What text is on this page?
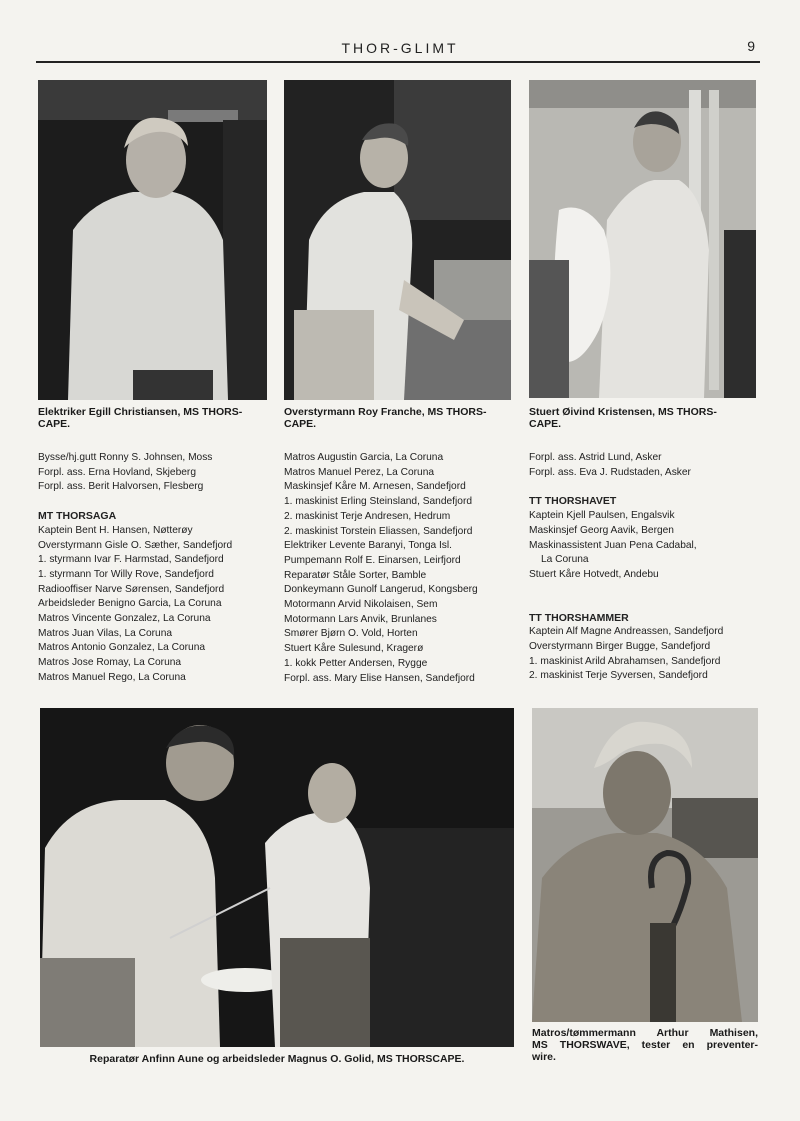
THOR-GLIMT	9
Elektriker Egill Christiansen, MS THORS-
CAPE.
Overstyrmann Roy Franche, MS THORS-
CAPE.
Stuert Øivind Kristensen, MS THORS-
CAPE.
Bysse/hj.gutt Ronny S. Johnsen, Moss
Forpl. ass. Erna Hovland, Skjeberg
Forpl. ass. Berit Halvorsen, Flesberg
MT THORSAGA
Kaptein Bent H. Hansen, Nøtterøy
Overstyrmann Gisle O. Sæther, Sandefjord
1. styrmann Ivar F. Harmstad, Sandefjord
1. styrmann Tor Willy Rove, Sandefjord
Radiooffiser Narve Sørensen, Sandefjord
Arbeidsleder Benigno Garcia, La Coruna
Matros Vincente Gonzalez, La Coruna
Matros Juan Vilas, La Coruna
Matros Antonio Gonzalez, La Coruna
Matros Jose Romay, La Coruna
Matros Manuel Rego, La Coruna
Matros Augustin Garcia, La Coruna
Matros Manuel Perez, La Coruna
Maskinsjef Kåre M. Arnesen, Sandefjord
1. maskinist Erling Steinsland, Sandefjord
2. maskinist Terje Andresen, Hedrum
2. maskinist Torstein Eliassen, Sandefjord
Elektriker Levente Baranyi, Tonga Isl.
Pumpemann Rolf E. Einarsen, Leirfjord
Reparatør Ståle Sorter, Bamble
Donkeymann Gunolf Langerud, Kongsberg
Motormann Arvid Nikolaisen, Sem
Motormann Lars Anvik, Brunlanes
Smører Bjørn O. Vold, Horten
Stuert Kåre Sulesund, Kragerø
1. kokk Petter Andersen, Rygge
Forpl. ass. Mary Elise Hansen, Sandefjord
Forpl. ass. Astrid Lund, Asker
Forpl. ass. Eva J. Rudstaden, Asker
TT THORSHAVET
Kaptein Kjell Paulsen, Engalsvik
Maskinsjef Georg Aavik, Bergen
Maskinassistent Juan Pena Cadabal,
La Coruna
Stuert Kåre Hotvedt, Andebu
TT THORSHAMMER
Kaptein Alf Magne Andreassen, Sandefjord
Overstyrmann Birger Bugge, Sandefjord
1. maskinist Arild Abrahamsen, Sandefjord
2. maskinist Terje Syversen, Sandefjord
Reparatør Anfinn Aune og arbeidsleder Magnus O. Golid, MS THORSCAPE.
Matros/tømmermann Arthur Mathisen,
MS THORSWAVE, tester en preventer-
wire.
